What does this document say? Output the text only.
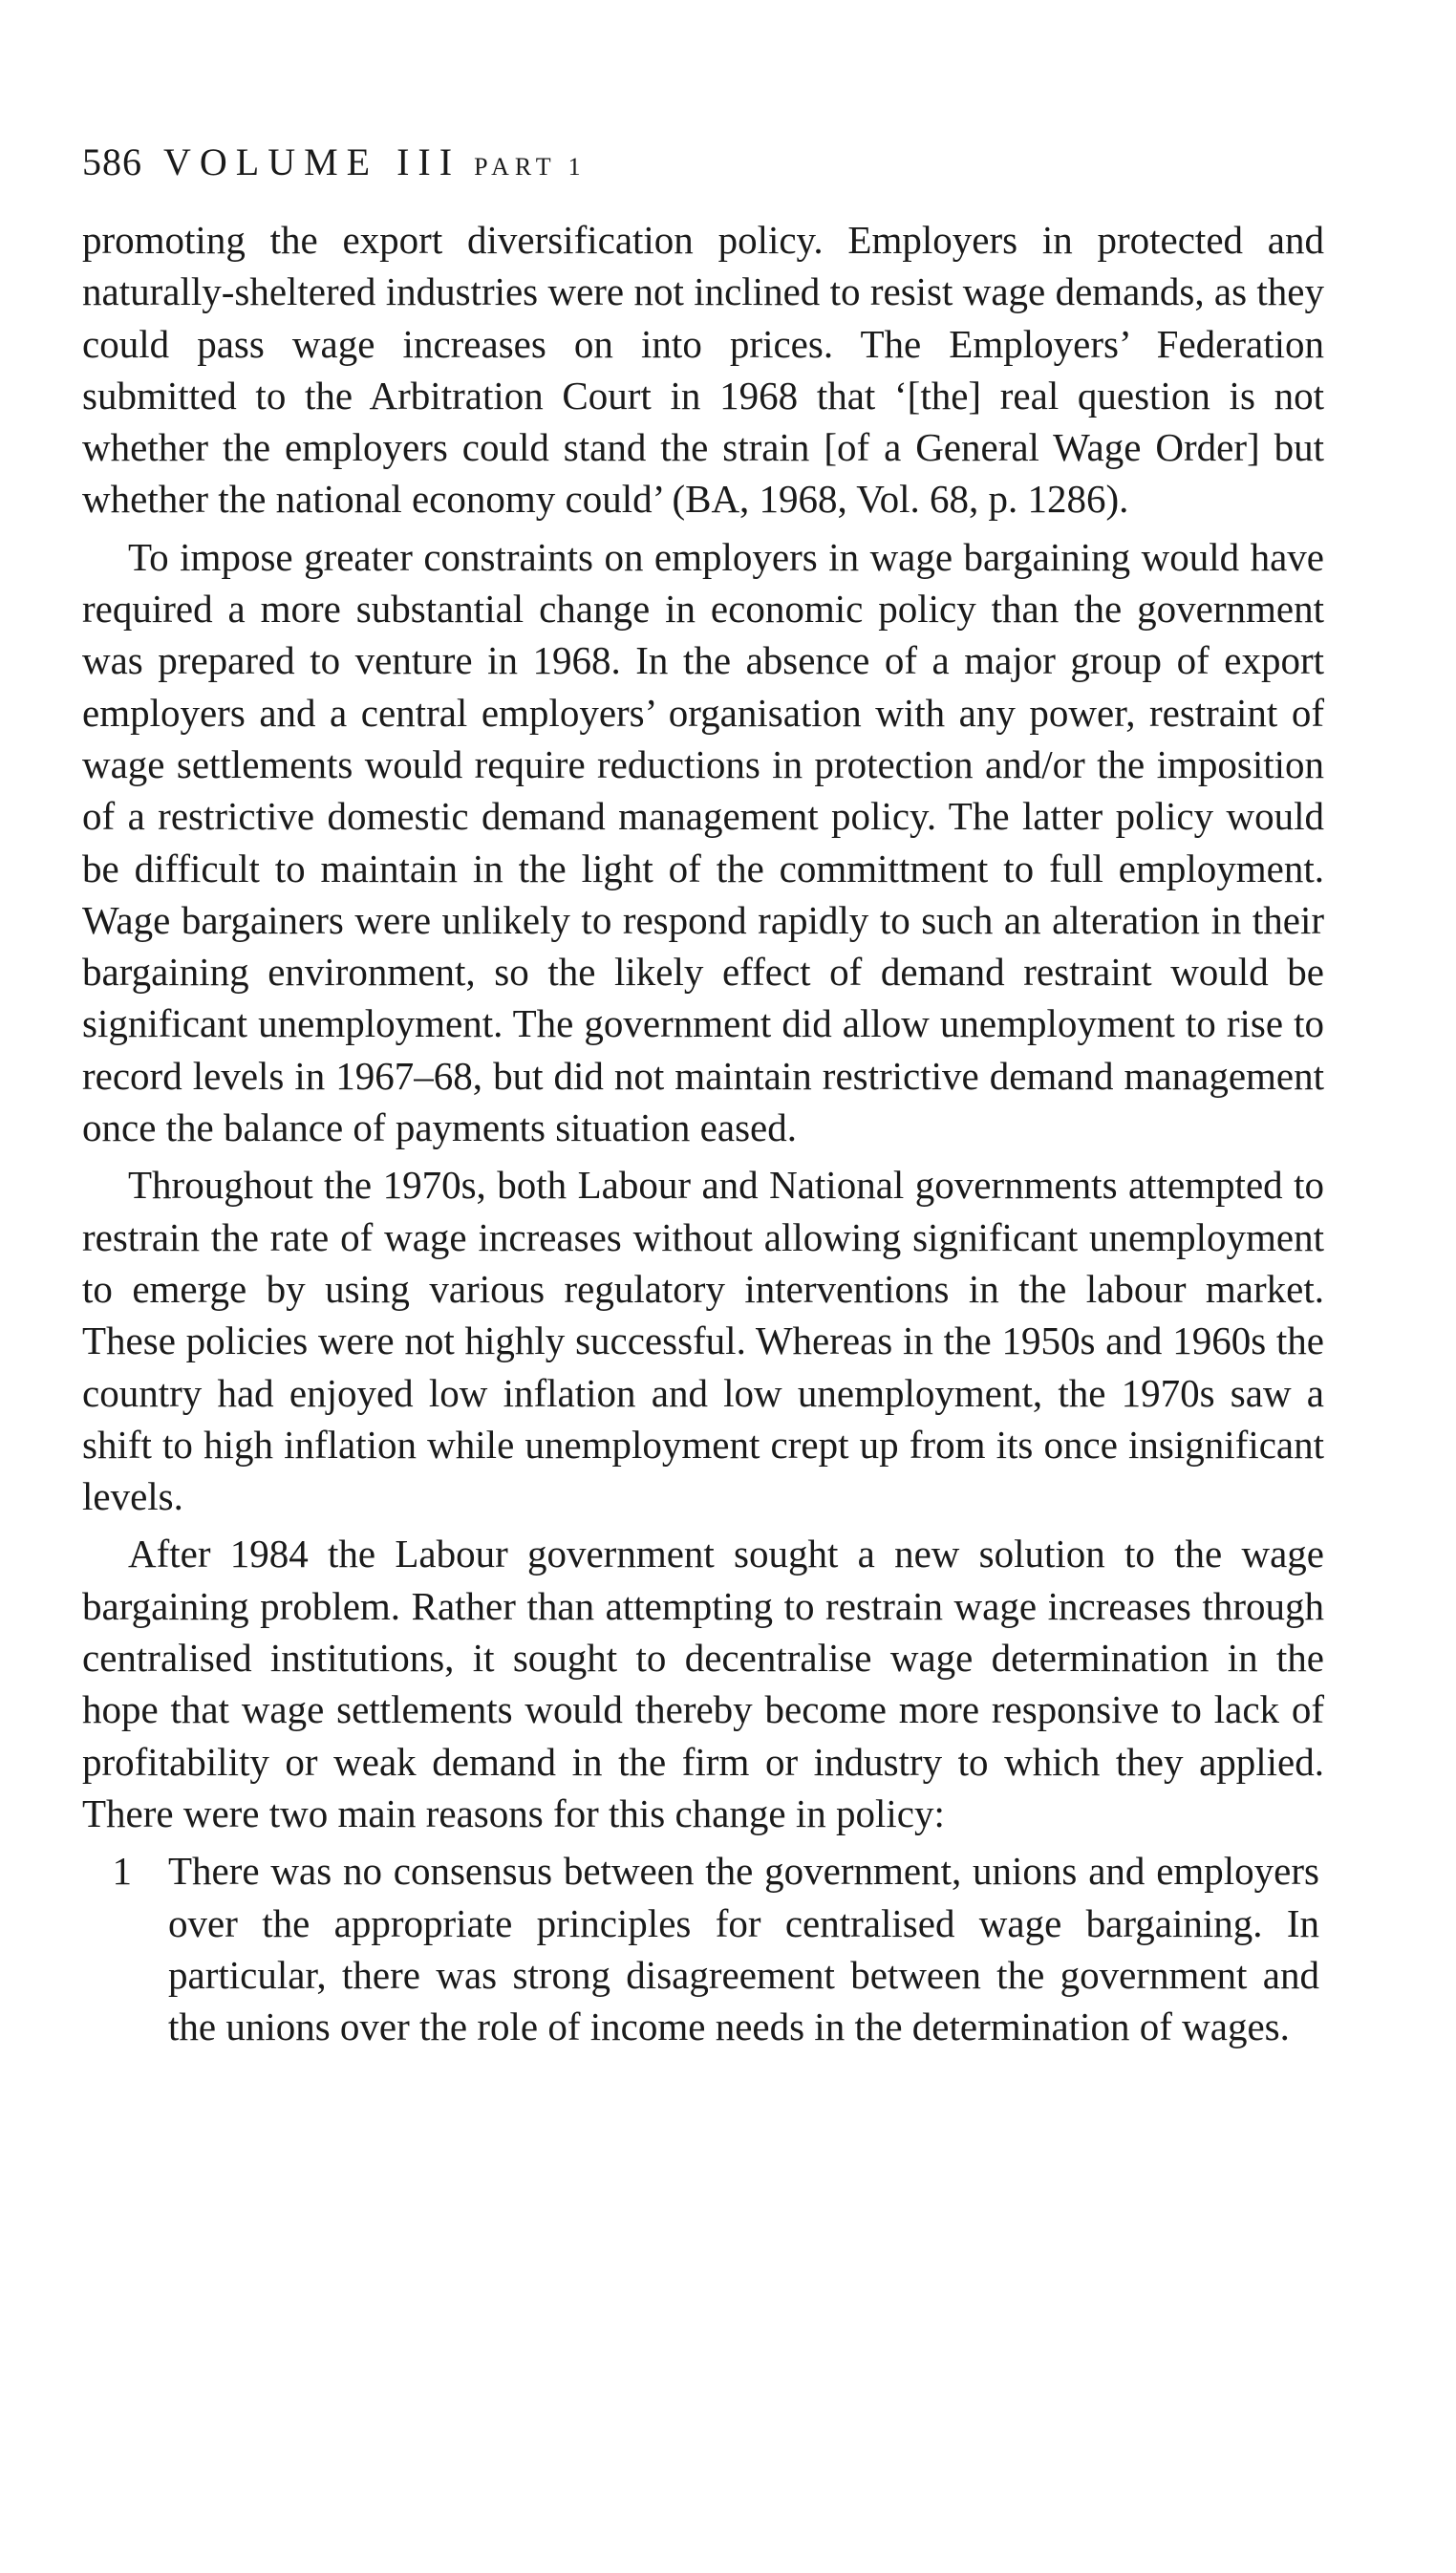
586 VOLUME III PART 1

promoting the export diversification policy. Employers in protected and naturally-sheltered industries were not inclined to resist wage demands, as they could pass wage increases on into prices. The Employers’ Federation submitted to the Arbitration Court in 1968 that ‘[the] real question is not whether the employers could stand the strain [of a General Wage Order] but whether the national economy could’ (BA, 1968, Vol. 68, p. 1286).

To impose greater constraints on employers in wage bargaining would have required a more substantial change in economic policy than the government was prepared to venture in 1968. In the absence of a major group of export employers and a central employers’ organisation with any power, restraint of wage settlements would require reductions in protection and/or the imposition of a restrictive domestic demand management policy. The latter policy would be difficult to maintain in the light of the committment to full employment. Wage bargainers were unlikely to respond rapidly to such an alteration in their bargaining environment, so the likely effect of demand restraint would be significant unemployment. The government did allow unemployment to rise to record levels in 1967–68, but did not maintain restrictive demand management once the balance of payments situation eased.

Throughout the 1970s, both Labour and National governments attempted to restrain the rate of wage increases without allowing significant unemployment to emerge by using various regulatory interventions in the labour market. These policies were not highly successful. Whereas in the 1950s and 1960s the country had enjoyed low inflation and low unemployment, the 1970s saw a shift to high inflation while unemployment crept up from its once insignificant levels.

After 1984 the Labour government sought a new solution to the wage bargaining problem. Rather than attempting to restrain wage increases through centralised institutions, it sought to decentralise wage determination in the hope that wage settlements would thereby become more responsive to lack of profitability or weak demand in the firm or industry to which they applied. There were two main reasons for this change in policy:

1 There was no consensus between the government, unions and employers over the appropriate principles for centralised wage bargaining. In particular, there was strong disagreement between the government and the unions over the role of income needs in the determination of wages.
